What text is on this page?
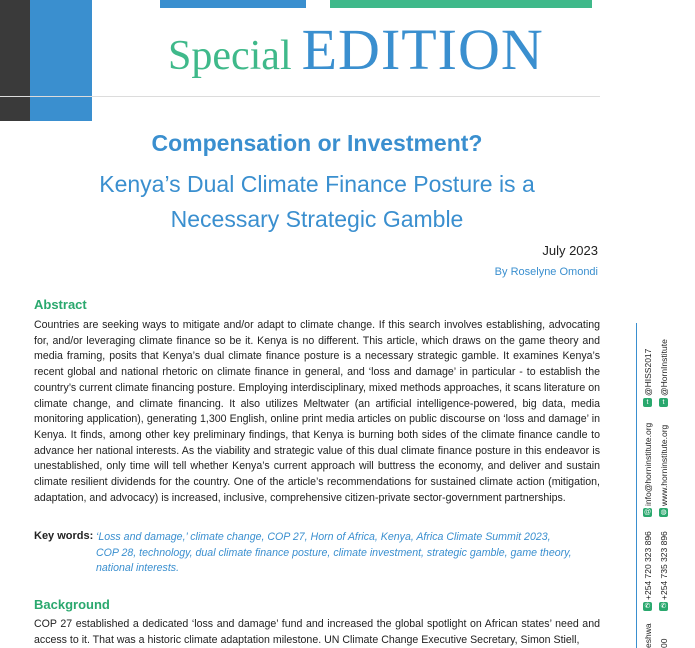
Special EDITION
Compensation or Investment?
Kenya’s Dual Climate Finance Posture is a
Necessary Strategic Gamble
July 2023
By Roselyne Omondi
Abstract
Countries are seeking ways to mitigate and/or adapt to climate change. If this search involves establishing, advocating for, and/or leveraging climate finance so be it. Kenya is no different. This article, which draws on the game theory and media framing, posits that Kenya’s dual climate finance posture is a necessary strategic gamble. It examines Kenya’s recent global and national rhetoric on climate finance in general, and ‘loss and damage’ in particular - to establish the country’s current climate financing posture. Employing interdisciplinary, mixed methods approaches, it scans literature on climate change, and climate financing. It also utilizes Meltwater (an artificial intelligence-powered, big data, media monitoring application), generating 1,300 English, online print media articles on public discourse on ‘loss and damage’ in Kenya. It finds, among other key preliminary findings, that Kenya is burning both sides of the climate finance candle to advance her national interests. As the viability and strategic value of this dual climate finance posture in this endeavor is unestablished, only time will tell whether Kenya’s current approach will buttress the economy, and deliver and sustain climate resilient dividends for the country. One of the article’s recommendations for sustained climate action (mitigation, adaptation, and advocacy) is increased, inclusive, comprehensive citizen-private sector-government partnerships.
Key words: ‘Loss and damage,’ climate change, COP 27, Horn of Africa, Kenya, Africa Climate Summit 2023, COP 28, technology, dual climate finance posture, climate investment, strategic gamble, game theory, national interests.
Background
COP 27 established a dedicated ‘loss and damage’ fund and increased the global spotlight on African states’ need and access to it. That was a historic climate adaptation milestone. UN Climate Change Executive Secretary, Simon Stiell,
@HISS2017
t
info@horninstitute.org
@
+254 720 323 896
✆
eshwa
@HornInstitute
t
www.horninstitute.org
◍
+254 735 323 896
✆
00
